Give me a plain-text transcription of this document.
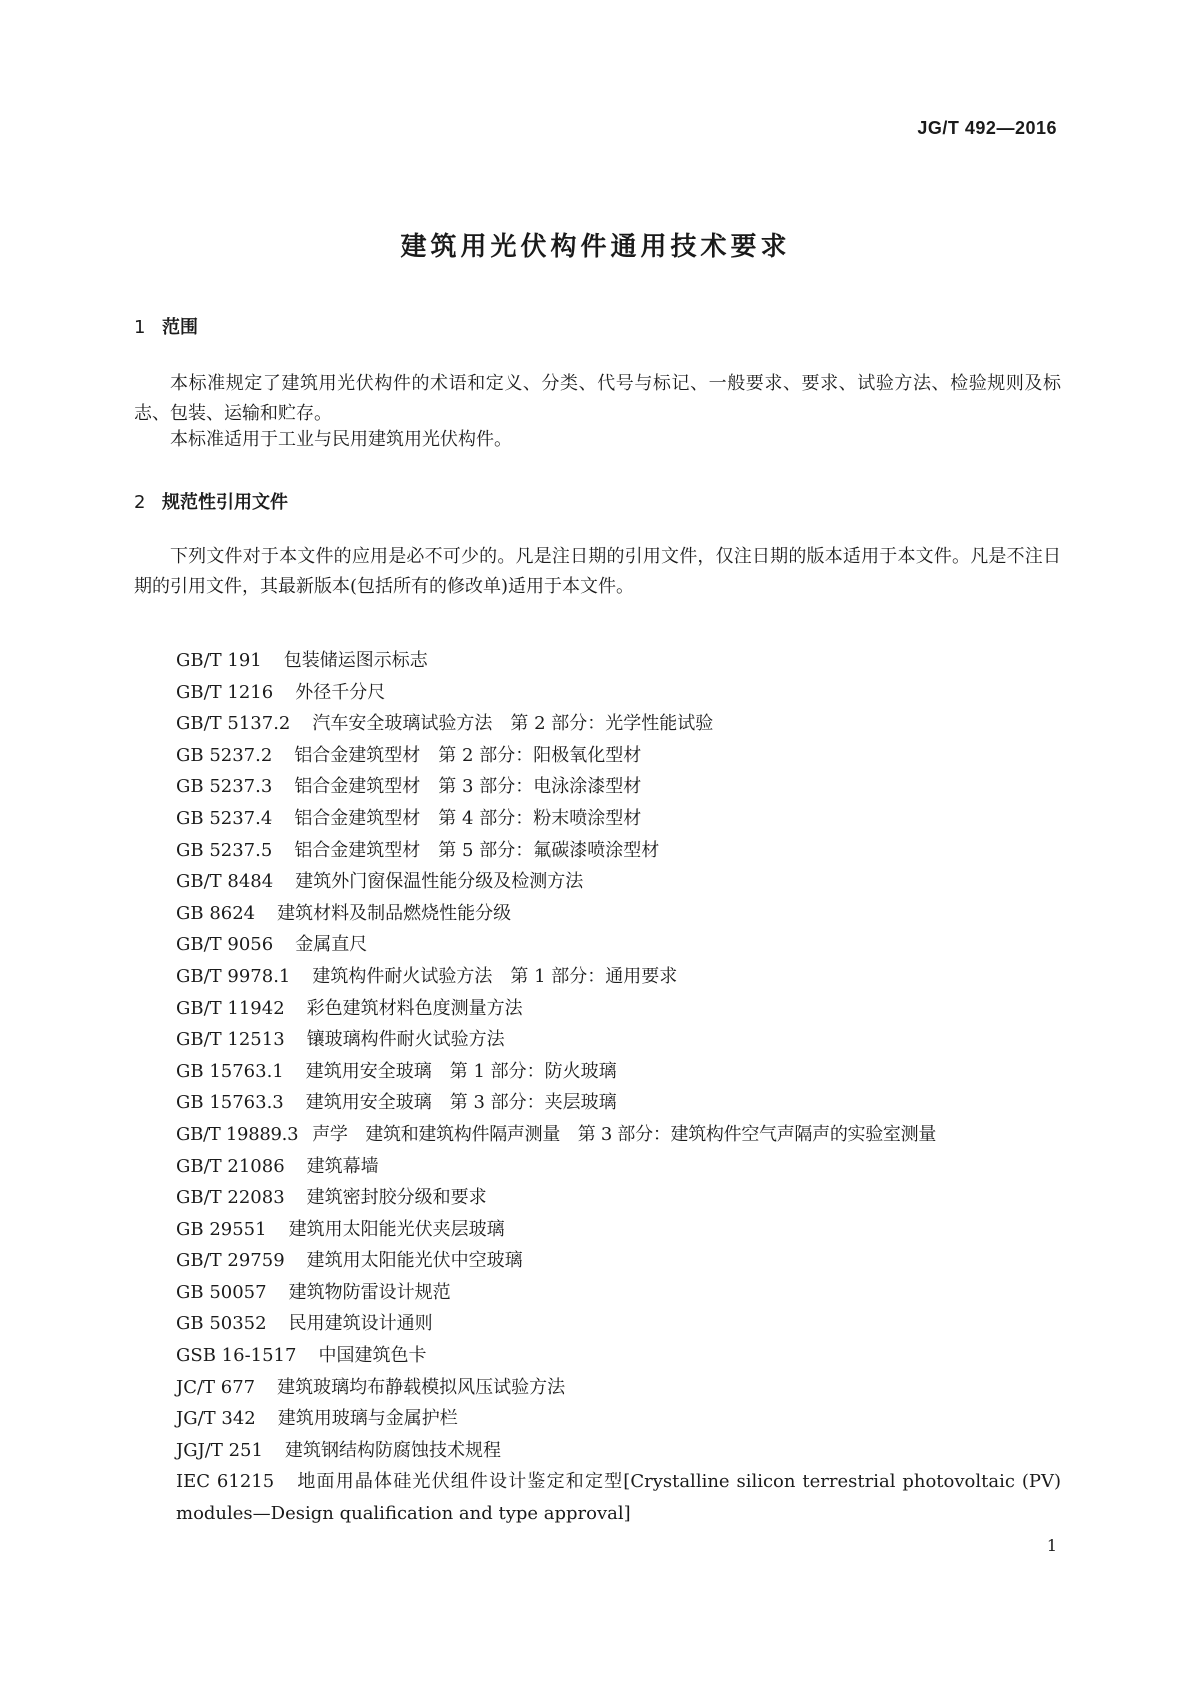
JG/T 492—2016
建筑用光伏构件通用技术要求
1 范围
本标准规定了建筑用光伏构件的术语和定义、分类、代号与标记、一般要求、要求、试验方法、检验规则及标志、包装、运输和贮存。
本标准适用于工业与民用建筑用光伏构件。
2 规范性引用文件
下列文件对于本文件的应用是必不可少的。凡是注日期的引用文件，仅注日期的版本适用于本文件。凡是不注日期的引用文件，其最新版本(包括所有的修改单)适用于本文件。
GB/T 191 包装储运图示标志
GB/T 1216 外径千分尺
GB/T 5137.2 汽车安全玻璃试验方法　第 2 部分：光学性能试验
GB 5237.2 铝合金建筑型材　第 2 部分：阳极氧化型材
GB 5237.3 铝合金建筑型材　第 3 部分：电泳涂漆型材
GB 5237.4 铝合金建筑型材　第 4 部分：粉末喷涂型材
GB 5237.5 铝合金建筑型材　第 5 部分：氟碳漆喷涂型材
GB/T 8484 建筑外门窗保温性能分级及检测方法
GB 8624 建筑材料及制品燃烧性能分级
GB/T 9056 金属直尺
GB/T 9978.1 建筑构件耐火试验方法　第 1 部分：通用要求
GB/T 11942 彩色建筑材料色度测量方法
GB/T 12513 镶玻璃构件耐火试验方法
GB 15763.1 建筑用安全玻璃　第 1 部分：防火玻璃
GB 15763.3 建筑用安全玻璃　第 3 部分：夹层玻璃
GB/T 19889.3 声学　建筑和建筑构件隔声测量　第 3 部分：建筑构件空气声隔声的实验室测量
GB/T 21086 建筑幕墙
GB/T 22083 建筑密封胶分级和要求
GB 29551 建筑用太阳能光伏夹层玻璃
GB/T 29759 建筑用太阳能光伏中空玻璃
GB 50057 建筑物防雷设计规范
GB 50352 民用建筑设计通则
GSB 16-1517 中国建筑色卡
JC/T 677 建筑玻璃均布静载模拟风压试验方法
JG/T 342 建筑用玻璃与金属护栏
JGJ/T 251 建筑钢结构防腐蚀技术规程
IEC 61215 地面用晶体硅光伏组件设计鉴定和定型[Crystalline silicon terrestrial photovoltaic (PV) modules—Design qualification and type approval]
1
